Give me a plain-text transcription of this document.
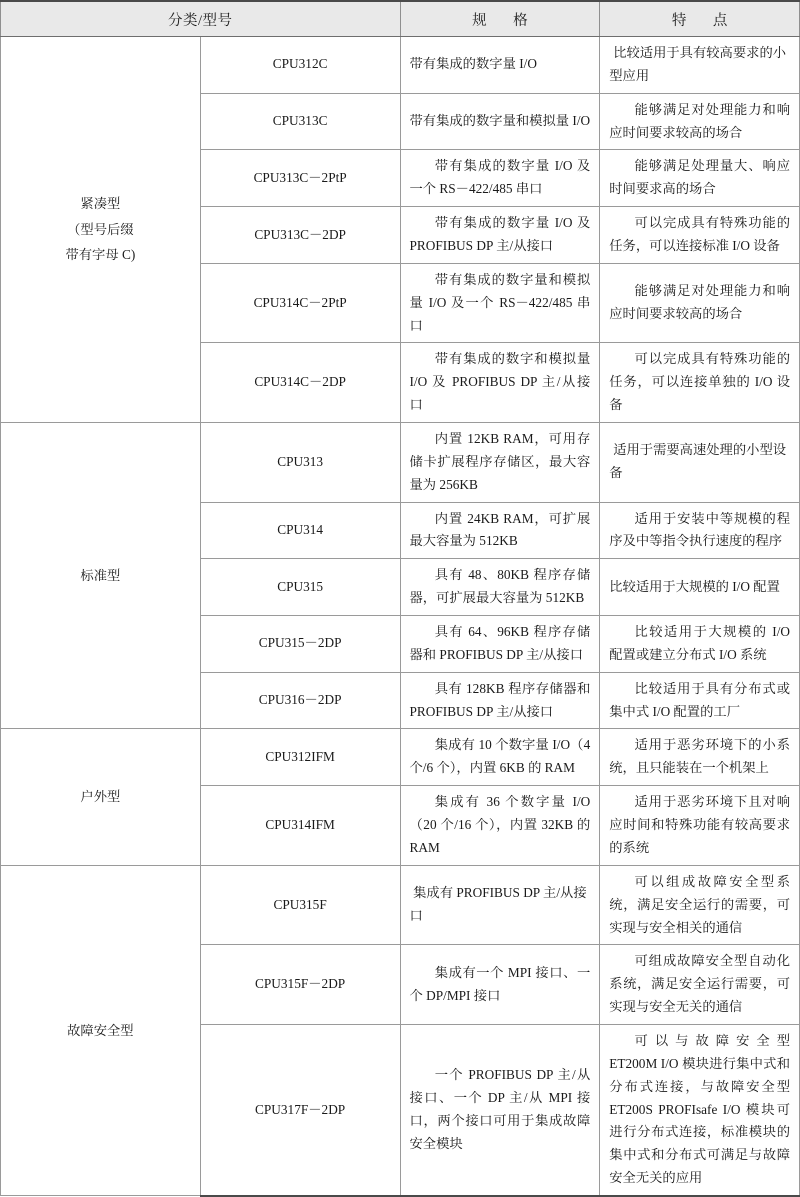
分类/型号		规　格	特　点

紧凑型
（型号后缀
带有字母 C)	CPU312C	带有集成的数字量 I/O	比较适用于具有较高要求的小型应用
	CPU313C	带有集成的数字量和模拟量 I/O	能够满足对处理能力和响应时间要求较高的场合
	CPU313C－2PtP	带有集成的数字量 I/O 及一个 RS－422/485 串口	能够满足处理量大、响应时间要求高的场合
	CPU313C－2DP	带有集成的数字量 I/O 及 PROFIBUS DP 主/从接口	可以完成具有特殊功能的任务，可以连接标准 I/O 设备
	CPU314C－2PtP	带有集成的数字量和模拟量 I/O 及一个 RS－422/485 串口	能够满足对处理能力和响应时间要求较高的场合
	CPU314C－2DP	带有集成的数字和模拟量 I/O 及 PROFIBUS DP 主/从接口	可以完成具有特殊功能的任务，可以连接单独的 I/O 设备

标准型	CPU313	内置 12KB RAM，可用存储卡扩展程序存储区，最大容量为 256KB	适用于需要高速处理的小型设备
	CPU314	内置 24KB RAM，可扩展最大容量为 512KB	适用于安装中等规模的程序及中等指令执行速度的程序
	CPU315	具有 48、80KB 程序存储器，可扩展最大容量为 512KB	比较适用于大规模的 I/O 配置
	CPU315－2DP	具有 64、96KB 程序存储器和 PROFIBUS DP 主/从接口	比较适用于大规模的 I/O 配置或建立分布式 I/O 系统
	CPU316－2DP	具有 128KB 程序存储器和 PROFIBUS DP 主/从接口	比较适用于具有分布式或集中式 I/O 配置的工厂

户外型	CPU312IFM	集成有 10 个数字量 I/O（4 个/6 个），内置 6KB 的 RAM	适用于恶劣环境下的小系统，且只能装在一个机架上
	CPU314IFM	集成有 36 个数字量 I/O（20 个/16 个），内置 32KB 的 RAM	适用于恶劣环境下且对响应时间和特殊功能有较高要求的系统

故障安全型	CPU315F	集成有 PROFIBUS DP 主/从接口	可以组成故障安全型系统，满足安全运行的需要，可实现与安全相关的通信
	CPU315F－2DP	集成有一个 MPI 接口、一个 DP/MPI 接口	可组成故障安全型自动化系统，满足安全运行需要，可实现与安全无关的通信
	CPU317F－2DP	一个 PROFIBUS DP 主/从接口、一个 DP 主/从 MPI 接口，两个接口可用于集成故障安全模块	可以与故障安全型 ET200M I/O 模块进行集中式和分布式连接，与故障安全型 ET200S PROFIsafe I/O 模块可进行分布式连接，标准模块的集中式和分布式可满足与故障安全无关的应用
